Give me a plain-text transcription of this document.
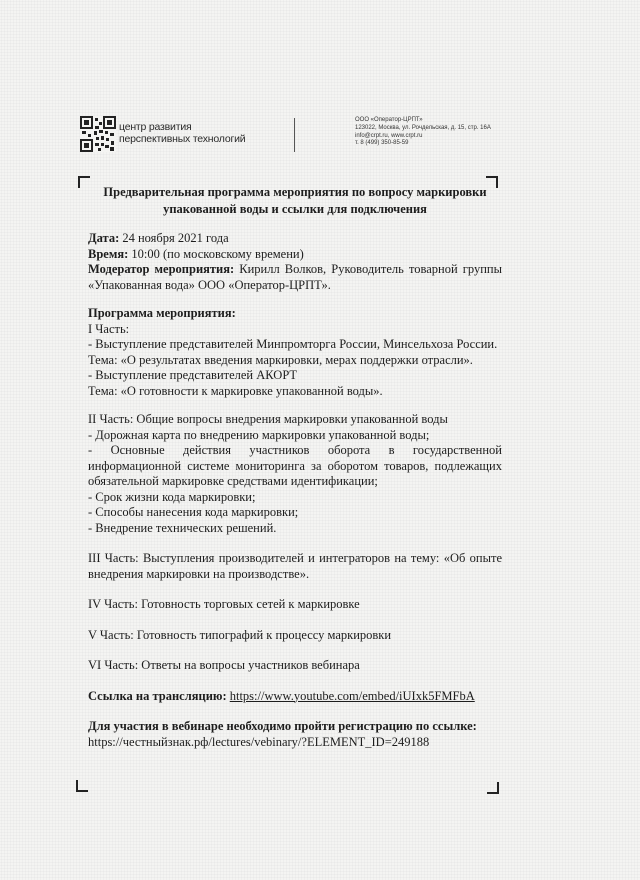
центр развития
перспективных технологий
ООО «Оператор-ЦРПТ»
123022, Москва, ул. Рочдельская, д. 15, стр. 16А
info@crpt.ru, www.crpt.ru
т. 8 (499) 350-85-59

Предварительная программа мероприятия по вопросу маркировки упакованной воды и ссылки для подключения

Дата: 24 ноября 2021 года

Время: 10:00 (по московскому времени)

Модератор мероприятия: Кирилл Волков, Руководитель товарной группы «Упакованная вода» ООО «Оператор-ЦРПТ».

Программа мероприятия:

I Часть:

- Выступление представителей Минпромторга России, Минсельхоза России.

Тема: «О результатах введения маркировки, мерах поддержки отрасли».

- Выступление представителей АКОРТ

Тема: «О готовности к маркировке упакованной воды».

II Часть: Общие вопросы внедрения маркировки упакованной воды

- Дорожная карта по внедрению маркировки упакованной воды;

- Основные действия участников оборота в государственной информационной системе мониторинга за оборотом товаров, подлежащих обязательной маркировке средствами идентификации;

- Срок жизни кода маркировки;

- Способы нанесения кода маркировки;

- Внедрение технических решений.

III Часть: Выступления производителей и интеграторов на тему: «Об опыте внедрения маркировки на производстве».

IV Часть: Готовность торговых сетей к маркировке

V Часть: Готовность типографий к процессу маркировки

VI Часть: Ответы на вопросы участников вебинара

Ссылка на трансляцию: https://www.youtube.com/embed/iUIxk5FMFbA

Для участия в вебинаре необходимо пройти регистрацию по ссылке:

https://честныйзнак.рф/lectures/vebinary/?ELEMENT_ID=249188
